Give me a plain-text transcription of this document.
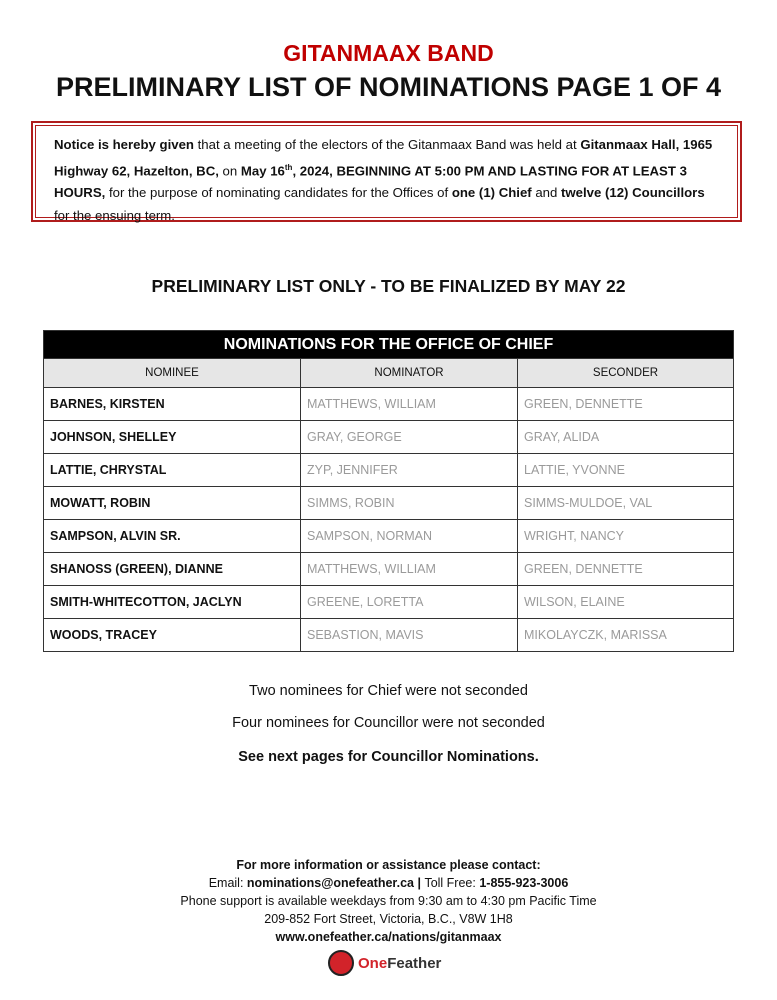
GITANMAAX BAND
PRELIMINARY LIST OF NOMINATIONS PAGE 1 OF 4
Notice is hereby given that a meeting of the electors of the Gitanmaax Band was held at Gitanmaax Hall, 1965 Highway 62, Hazelton, BC, on May 16th, 2024, BEGINNING AT 5:00 PM AND LASTING FOR AT LEAST 3 HOURS, for the purpose of nominating candidates for the Offices of one (1) Chief and twelve (12) Councillors for the ensuing term.
PRELIMINARY LIST ONLY - TO BE FINALIZED BY MAY 22
NOMINATIONS FOR THE OFFICE OF CHIEF		
NOMINEE	NOMINATOR	SECONDER
BARNES, KIRSTEN	MATTHEWS, WILLIAM	GREEN, DENNETTE
JOHNSON, SHELLEY	GRAY, GEORGE	GRAY, ALIDA
LATTIE, CHRYSTAL	ZYP, JENNIFER	LATTIE, YVONNE
MOWATT, ROBIN	SIMMS, ROBIN	SIMMS-MULDOE, VAL
SAMPSON, ALVIN SR.	SAMPSON, NORMAN	WRIGHT, NANCY
SHANOSS (GREEN), DIANNE	MATTHEWS, WILLIAM	GREEN, DENNETTE
SMITH-WHITECOTTON, JACLYN	GREENE, LORETTA	WILSON, ELAINE
WOODS, TRACEY	SEBASTION, MAVIS	MIKOLAYCZK, MARISSA
Two nominees for Chief were not seconded
Four nominees for Councillor were not seconded
See next pages for Councillor Nominations.
For more information or assistance please contact:
Email: nominations@onefeather.ca | Toll Free: 1-855-923-3006
Phone support is available weekdays from 9:30 am to 4:30 pm Pacific Time
209-852 Fort Street, Victoria, B.C., V8W 1H8
www.onefeather.ca/nations/gitanmaax
One Feather
